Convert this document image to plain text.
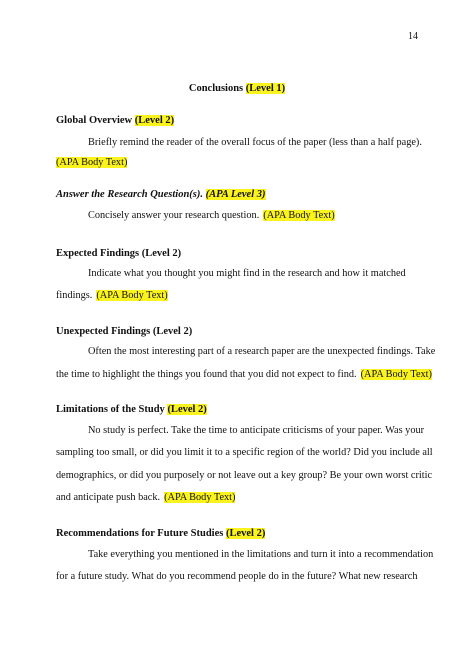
14
Conclusions (Level 1)
Global Overview (Level 2)
Briefly remind the reader of the overall focus of the paper (less than a half page).
(APA Body Text)
Answer the Research Question(s). (APA Level 3)
Concisely answer your research question. (APA Body Text)
Expected Findings (Level 2)
Indicate what you thought you might find in the research and how it matched
findings. (APA Body Text)
Unexpected Findings (Level 2)
Often the most interesting part of a research paper are the unexpected findings. Take
the time to highlight the things you found that you did not expect to find. (APA Body Text)
Limitations of the Study (Level 2)
No study is perfect. Take the time to anticipate criticisms of your paper. Was your
sampling too small, or did you limit it to a specific region of the world? Did you include all
demographics, or did you purposely or not leave out a key group? Be your own worst critic
and anticipate push back. (APA Body Text)
Recommendations for Future Studies (Level 2)
Take everything you mentioned in the limitations and turn it into a recommendation
for a future study. What do you recommend people do in the future? What new research
